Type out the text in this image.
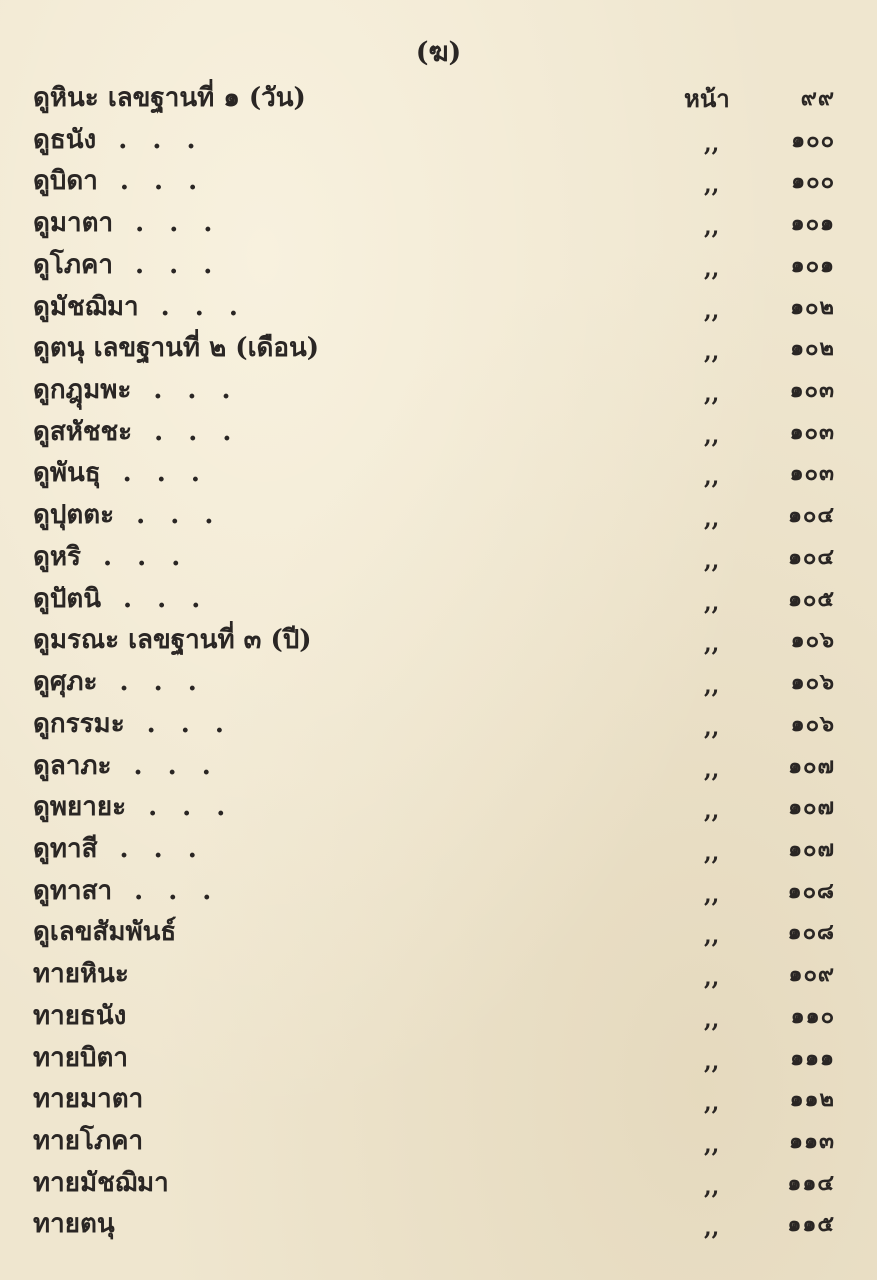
(ฆ)
ดูหินะ เลขฐานที่ ๑ (วัน)	หน้า	๙๙
ดูธนัง . . .	,,	๑๐๐
ดูบิดา . . .	,,	๑๐๐
ดูมาตา . . .	,,	๑๐๑
ดูโภคา . . .	,,	๑๐๑
ดูมัชฌิมา . . .	,,	๑๐๒
ดูตนุ เลขฐานที่ ๒ (เดือน)	,,	๑๐๒
ดูกฎุมพะ . . .	,,	๑๐๓
ดูสหัชชะ . . .	,,	๑๐๓
ดูพันธุ . . .	,,	๑๐๓
ดูปุตตะ . . .	,,	๑๐๔
ดูหริ . . .	,,	๑๐๔
ดูปัตนิ . . .	,,	๑๐๕
ดูมรณะ เลขฐานที่ ๓ (ปี)	,,	๑๐๖
ดูศุภะ . . .	,,	๑๐๖
ดูกรรมะ . . .	,,	๑๐๖
ดูลาภะ . . .	,,	๑๐๗
ดูพยายะ . . .	,,	๑๐๗
ดูทาสี . . .	,,	๑๐๗
ดูทาสา . . .	,,	๑๐๘
ดูเลขสัมพันธ์	,,	๑๐๘
ทายหินะ	,,	๑๐๙
ทายธนัง	,,	๑๑๐
ทายบิตา	,,	๑๑๑
ทายมาตา	,,	๑๑๒
ทายโภคา	,,	๑๑๓
ทายมัชฌิมา	,,	๑๑๔
ทายตนุ	,,	๑๑๕
